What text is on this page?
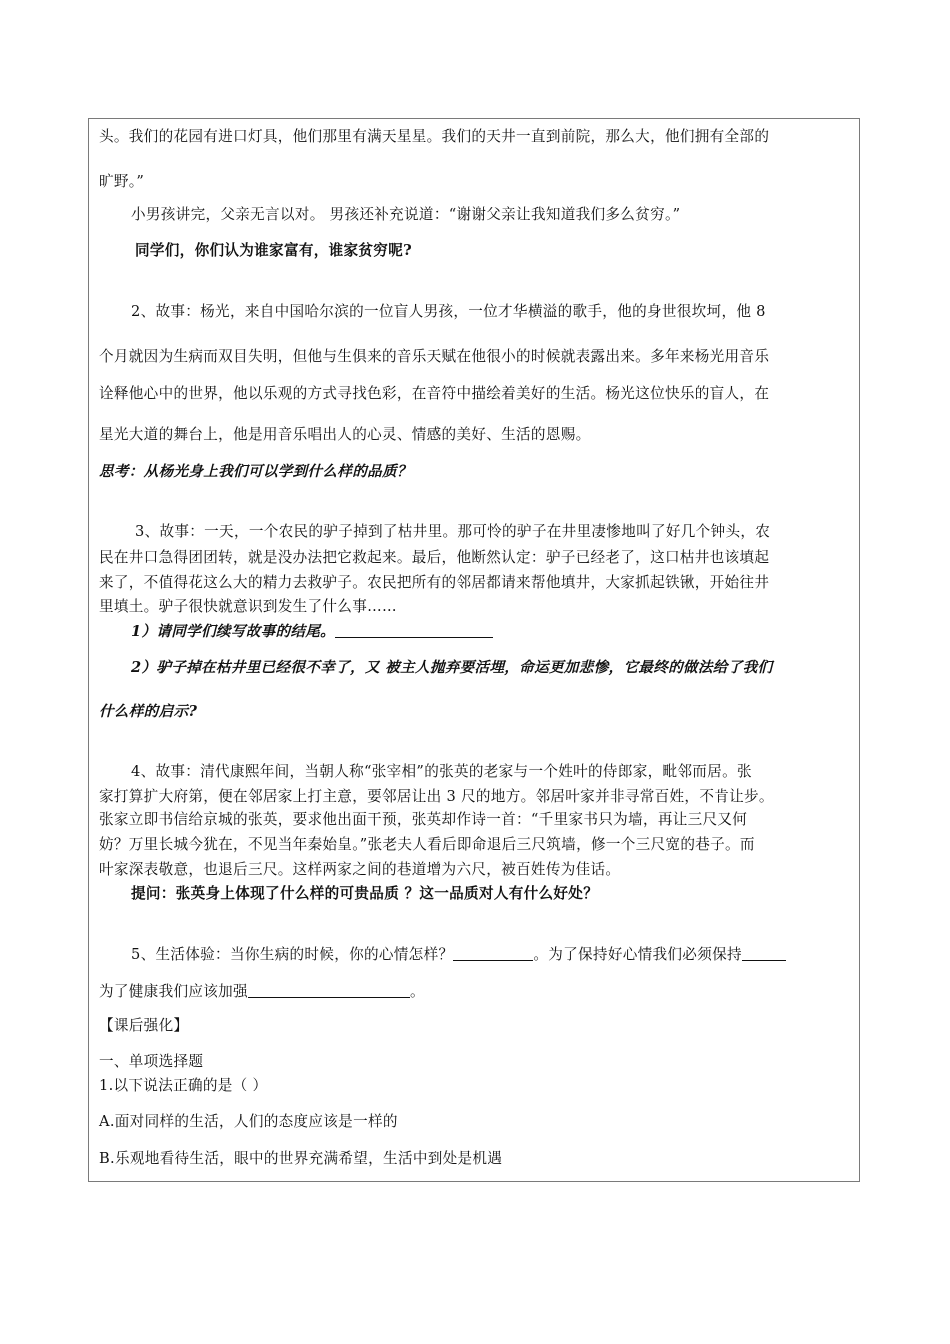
头。我们的花园有进口灯具，他们那里有满天星星。我们的天井一直到前院，那么大，他们拥有全部的
旷野。”
小男孩讲完，父亲无言以对。 男孩还补充说道：“谢谢父亲让我知道我们多么贫穷。”
同学们，你们认为谁家富有，谁家贫穷呢?
2、故事：杨光，来自中国哈尔滨的一位盲人男孩，一位才华横溢的歌手，他的身世很坎坷，他 8
个月就因为生病而双目失明，但他与生俱来的音乐天赋在他很小的时候就表露出来。多年来杨光用音乐
诠释他心中的世界，他以乐观的方式寻找色彩，在音符中描绘着美好的生活。杨光这位快乐的盲人，在
星光大道的舞台上，他是用音乐唱出人的心灵、情感的美好、生活的恩赐。
思考：从杨光身上我们可以学到什么样的品质？
3、故事：一天，一个农民的驴子掉到了枯井里。那可怜的驴子在井里凄惨地叫了好几个钟头，农
民在井口急得团团转，就是没办法把它救起来。最后，他断然认定：驴子已经老了，这口枯井也该填起
来了，不值得花这么大的精力去救驴子。农民把所有的邻居都请来帮他填井，大家抓起铁锹，开始往井
里填土。驴子很快就意识到发生了什么事……
1）请同学们续写故事的结尾。
2）驴子掉在枯井里已经很不幸了，又 被主人抛弃要活埋，命运更加悲惨，它最终的做法给了我们
什么样的启示?
4、故事：清代康熙年间，当朝人称“张宰相”的张英的老家与一个姓叶的侍郎家，毗邻而居。张
家打算扩大府第，便在邻居家上打主意，要邻居让出 3 尺的地方。邻居叶家并非寻常百姓，不肯让步。
张家立即书信给京城的张英，要求他出面干预，张英却作诗一首：“千里家书只为墙，再让三尺又何
妨？万里长城今犹在，不见当年秦始皇。”张老夫人看后即命退后三尺筑墙，修一个三尺宽的巷子。而
叶家深表敬意，也退后三尺。这样两家之间的巷道增为六尺，被百姓传为佳话。
提问：张英身上体现了什么样的可贵品质 ？这一品质对人有什么好处？
5、生活体验：当你生病的时候，你的心情怎样？	。为了保持好心情我们必须保持
为了健康我们应该加强	。
【课后强化】
一、单项选择题
1.以下说法正确的是（ ）
A.面对同样的生活，人们的态度应该是一样的
B.乐观地看待生活，眼中的世界充满希望，生活中到处是机遇
